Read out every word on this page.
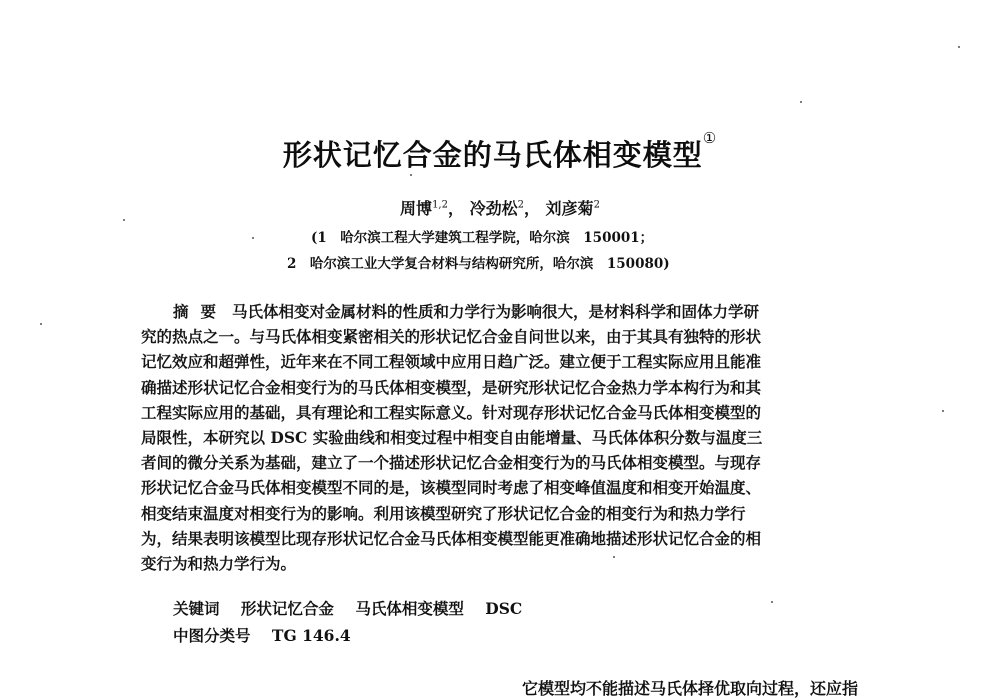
形状记忆合金的马氏体相变模型①
周博$^{1,2}$， 冷劲松$^2$， 刘彦菊$^2$
(1　哈尔滨工程大学建筑工程学院，哈尔滨　150001；
2　哈尔滨工业大学复合材料与结构研究所，哈尔滨　150080)
摘要 马氏体相变对金属材料的性质和力学行为影响很大，是材料科学和固体力学研
究的热点之一。与马氏体相变紧密相关的形状记忆合金自问世以来，由于其具有独特的形状
记忆效应和超弹性，近年来在不同工程领域中应用日趋广泛。建立便于工程实际应用且能准
确描述形状记忆合金相变行为的马氏体相变模型，是研究形状记忆合金热力学本构行为和其
工程实际应用的基础，具有理论和工程实际意义。针对现存形状记忆合金马氏体相变模型的
局限性，本研究以 DSC 实验曲线和相变过程中相变自由能增量、马氏体体积分数与温度三
者间的微分关系为基础，建立了一个描述形状记忆合金相变行为的马氏体相变模型。与现存
形状记忆合金马氏体相变模型不同的是，该模型同时考虑了相变峰值温度和相变开始温度、
相变结束温度对相变行为的影响。利用该模型研究了形状记忆合金的相变行为和热力学行
为，结果表明该模型比现存形状记忆合金马氏体相变模型能更准确地描述形状记忆合金的相
变行为和热力学行为。
关键词 形状记忆合金 马氏体相变模型 DSC
中图分类号 TG 146.4
它模型均不能描述马氏体择优取向过程，还应指
